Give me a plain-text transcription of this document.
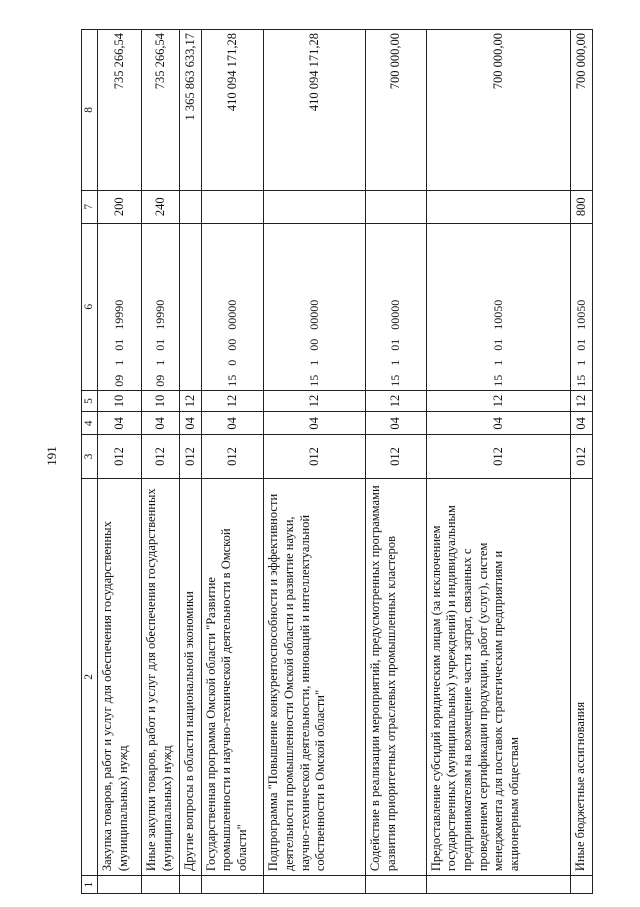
191
1	2	3	4	5	6	7	8
	Закупка товаров, работ и услуг для обеспечения государственных (муниципальных) нужд	012	04	10	09   1   01   19990	200	735 266,54
	Иные закупки товаров, работ и услуг для обеспечения государственных (муниципальных) нужд	012	04	10	09   1   01   19990	240	735 266,54
	Другие вопросы в области национальной экономики	012	04	12			1 365 863 633,17
	Государственная программа Омской области "Развитие промышленности и научно-технической деятельности в Омской области"	012	04	12	15   0   00   00000		410 094 171,28
	Подпрограмма "Повышение конкурентоспособности и эффективности деятельности промышленности Омской области и развитие науки, научно-технической деятельности, инноваций и интеллектуальной собственности в Омской области"	012	04	12	15   1   00   00000		410 094 171,28
	Содействие в реализации мероприятий, предусмотренных программами развития приоритетных отраслевых промышленных кластеров	012	04	12	15   1   01   00000		700 000,00
	Предоставление субсидий юридическим лицам (за исключением государственных (муниципальных) учреждений) и индивидуальным предпринимателям на возмещение части затрат, связанных с проведением сертификации продукции, работ (услуг), систем менеджмента для поставок стратегическим предприятиям и акционерным обществам	012	04	12	15   1   01   10050		700 000,00
	Иные бюджетные ассигнования	012	04	12	15   1   01   10050	800	700 000,00
